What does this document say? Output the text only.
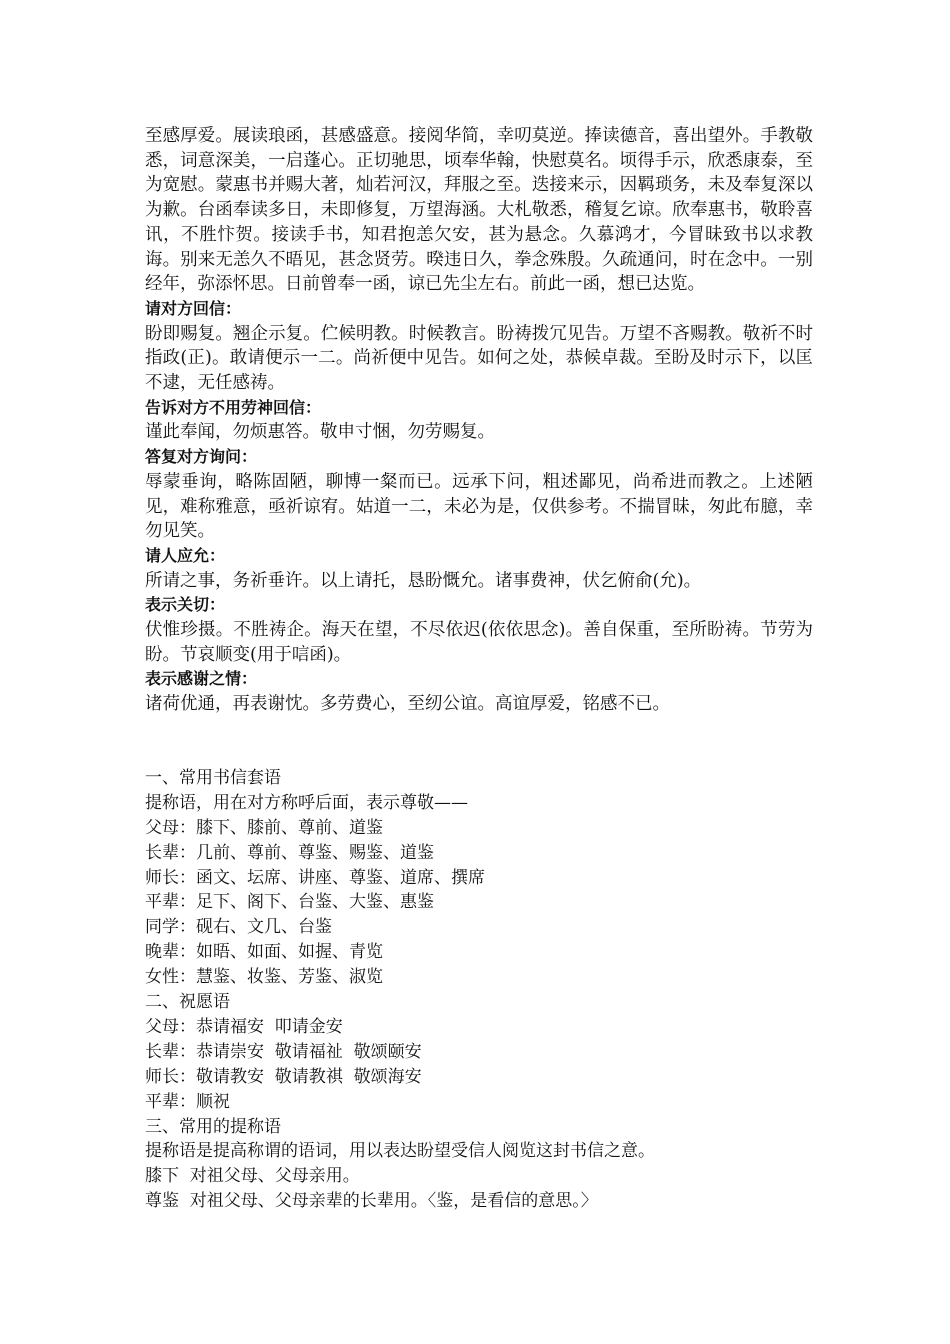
至感厚爱。展读琅函，甚感盛意。接阅华简，幸叨莫逆。捧读德音，喜出望外。手教敬悉，词意深美，一启蓬心。正切驰思，顷奉华翰，快慰莫名。顷得手示，欣悉康泰，至为宽慰。蒙惠书并赐大著，灿若河汉，拜服之至。迭接来示，因羁琐务，未及奉复深以为歉。台函奉读多日，未即修复，万望海涵。大札敬悉，稽复乞谅。欣奉惠书，敬聆喜讯，不胜忭贺。接读手书，知君抱恙欠安，甚为悬念。久慕鸿才，今冒昧致书以求教诲。别来无恙久不晤见，甚念贤劳。暌违日久，拳念殊殷。久疏通问，时在念中。一别经年，弥添怀思。日前曾奉一函，谅已先尘左右。前此一函，想已达览。

请对方回信：

盼即赐复。翘企示复。伫候明教。时候教言。盼祷拨冗见告。万望不吝赐教。敬祈不时指政(正)。敢请便示一二。尚祈便中见告。如何之处，恭候卓裁。至盼及时示下，以匡不逮，无任感祷。

告诉对方不用劳神回信：

谨此奉闻，勿烦惠答。敬申寸悃，勿劳赐复。

答复对方询问：

辱蒙垂询，略陈固陋，聊博一粲而已。远承下问，粗述鄙见，尚希进而教之。上述陋见，难称雅意，亟祈谅宥。姑道一二，未必为是，仅供参考。不揣冒昧，匆此布臆，幸勿见笑。

请人应允：

所请之事，务祈垂许。以上请托，恳盼慨允。诸事费神，伏乞俯俞(允)。

表示关切：

伏惟珍摄。不胜祷企。海天在望，不尽依迟(依依思念)。善自保重，至所盼祷。节劳为盼。节哀顺变(用于唁函)。

表示感谢之情：

诸荷优通，再表谢忱。多劳费心，至纫公谊。高谊厚爱，铭感不已。

一、常用书信套语

提称语，用在对方称呼后面，表示尊敬——

父母：膝下、膝前、尊前、道鉴

长辈：几前、尊前、尊鉴、赐鉴、道鉴

师长：函文、坛席、讲座、尊鉴、道席、撰席

平辈：足下、阁下、台鉴、大鉴、惠鉴

同学：砚右、文几、台鉴

晚辈：如晤、如面、如握、青览

女性：慧鉴、妆鉴、芳鉴、淑览

二、祝愿语

父母：恭请福安  叩请金安

长辈：恭请崇安  敬请福祉  敬颂颐安

师长：敬请教安  敬请教祺  敬颂海安

平辈：顺祝

三、常用的提称语

提称语是提高称谓的语词，用以表达盼望受信人阅览这封书信之意。

膝下  对祖父母、父母亲用。

尊鉴  对祖父母、父母亲辈的长辈用。〈鉴，是看信的意思。〉
